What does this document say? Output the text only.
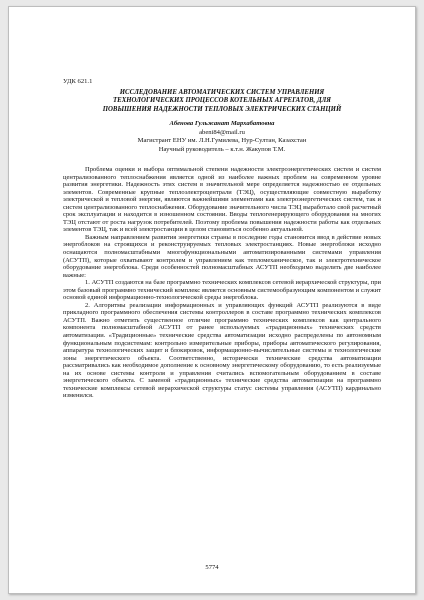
УДК 621.1
ИССЛЕДОВАНИЕ АВТОМАТИЧЕСКИХ СИСТЕМ УПРАВЛЕНИЯ
ТЕХНОЛОГИЧЕСКИХ ПРОЦЕССОВ КОТЕЛЬНЫХ АГРЕГАТОВ, ДЛЯ
ПОВЫШЕНИЯ НАДЕЖНОСТИ ТЕПЛОВЫХ ЭЛЕКТРИЧЕСКИХ СТАНЦИЙ
Абенова Гульжанат Мархабатовна
abeni84@mail.ru
Магистрант ЕНУ им. Л.Н.Гумилева, Нур-Султан, Казахстан
Научный руководитель – к.т.н. Жакупов Т.М.

Проблема оценки и выбора оптимальной степени надежности электроэнергетических систем и систем централизованного теплоснабжения является одной из наиболее важных проблем на современном уровне развития энергетики. Надежность этих систем в значительной мере определяется надежностью ее отдельных элементов. Современные крупные теплоэлектроцентрали (ТЭЦ), осуществляющие совместную выработку электрической и тепловой энергии, являются важнейшими элементами как электроэнергетических систем, так и систем централизованного теплоснабжения. Оборудование значительного числа ТЭЦ выработало свой расчетный срок эксплуатации и находится в изношенном состоянии. Вводы теплогенерирующего оборудования на многих ТЭЦ отстают от роста нагрузок потребителей. Поэтому проблема повышения надежности работы как отдельных элементов ТЭЦ, так и всей электростанции в целом становиться особенно актуальной.

Важным направлением развития энергетики страны в последние годы становится ввод в действие новых энергоблоков на строящихся и реконструируемых тепловых электростанциях. Новые энергоблоки исходно оснащаются полномасштабными многофункциональными автоматизированными системами управления (АСУТП), которые охватывают контролем и управлением как тепломеханическое, так и электротехническое оборудование энергоблока. Среди особенностей полномасштабных АСУТП необходимо выделить две наиболее важные:

1. АСУТП создаются на базе программно технических комплексов сетевой иерархической структуры, при этом базовый программно технический комплекс является основным системообразующим компонентом и служит основой единой информационно-технологической среды энергоблока.

2. Алгоритмы реализации информационных и управляющих функций АСУТП реализуются в виде прикладного программного обеспечения системы контроллеров в составе программно технических комплексов АСУТП. Важно отметить существенное отличие программно технических комплексов как центрального компонента полномасштабной АСУТП от ранее используемых «традиционных» технических средств автоматизации. «Традиционные» технические средства автоматизации исходно распределены по автономным функциональным подсистемам: контрольно измерительные приборы, приборы автоматического регулирования, аппаратура технологических защит и блокировок, информационно-вычислительные системы и технологические зоны энергетического объекта. Соответственно, исторически технические средства автоматизации рассматривались как необходимое дополнение к основному энергетическому оборудованию, то есть реализуемые на их основе системы контроля и управления считались вспомогательным оборудованием в составе энергетического объекта. С заменой «традиционных» технические средства автоматизации на программно технические комплексы сетевой иерархической структуры статус системы управления (АСУТП) кардинально изменился.

5774
